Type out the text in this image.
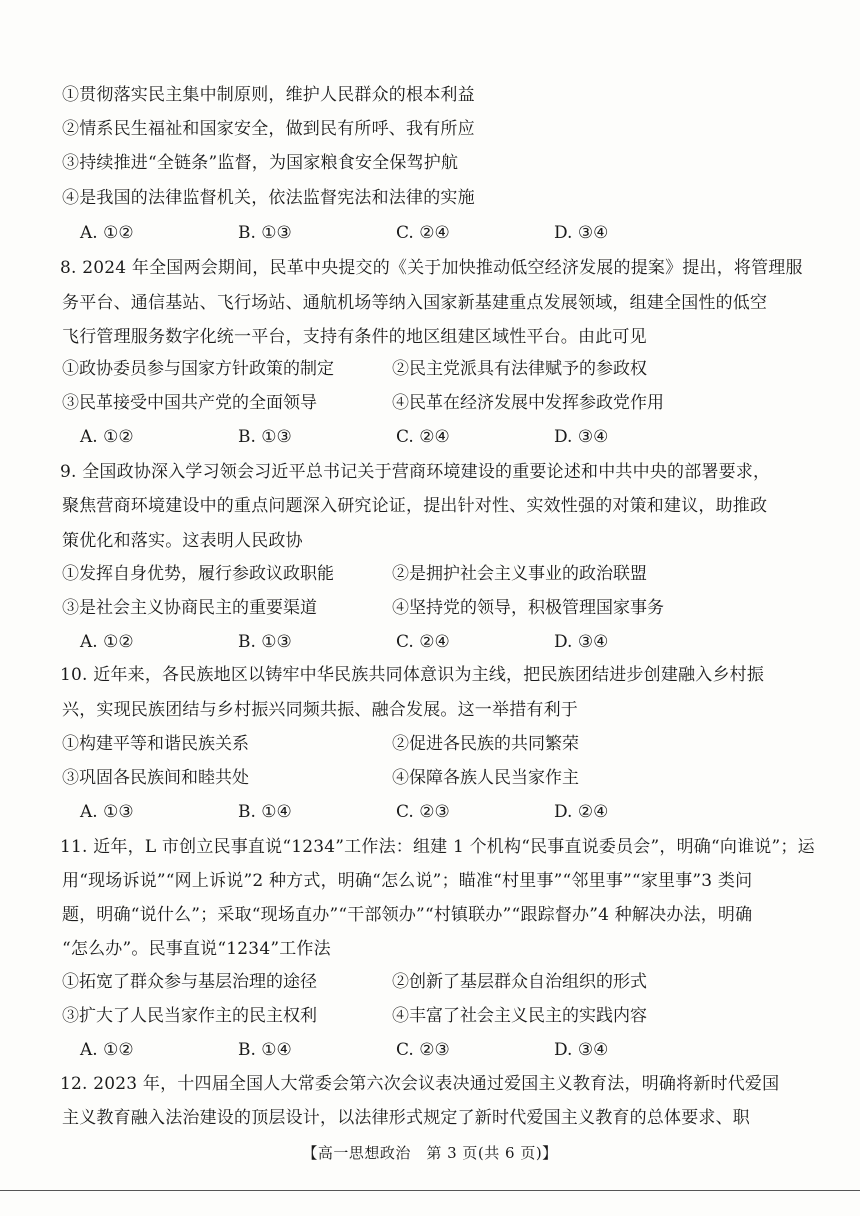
①贯彻落实民主集中制原则，维护人民群众的根本利益
②情系民生福祉和国家安全，做到民有所呼、我有所应
③持续推进“全链条”监督，为国家粮食安全保驾护航
④是我国的法律监督机关，依法监督宪法和法律的实施
A. ①②	B. ①③	C. ②④	D. ③④
8. 2024 年全国两会期间，民革中央提交的《关于加快推动低空经济发展的提案》提出，将管理服
务平台、通信基站、飞行场站、通航机场等纳入国家新基建重点发展领域，组建全国性的低空
飞行管理服务数字化统一平台，支持有条件的地区组建区域性平台。由此可见
①政协委员参与国家方针政策的制定	②民主党派具有法律赋予的参政权
③民革接受中国共产党的全面领导	④民革在经济发展中发挥参政党作用
A. ①②	B. ①③	C. ②④	D. ③④
9. 全国政协深入学习领会习近平总书记关于营商环境建设的重要论述和中共中央的部署要求，
聚焦营商环境建设中的重点问题深入研究论证，提出针对性、实效性强的对策和建议，助推政
策优化和落实。这表明人民政协
①发挥自身优势，履行参政议政职能	②是拥护社会主义事业的政治联盟
③是社会主义协商民主的重要渠道	④坚持党的领导，积极管理国家事务
A. ①②	B. ①③	C. ②④	D. ③④
10. 近年来，各民族地区以铸牢中华民族共同体意识为主线，把民族团结进步创建融入乡村振
兴，实现民族团结与乡村振兴同频共振、融合发展。这一举措有利于
①构建平等和谐民族关系	②促进各民族的共同繁荣
③巩固各民族间和睦共处	④保障各族人民当家作主
A. ①③	B. ①④	C. ②③	D. ②④
11. 近年，L 市创立民事直说“1234”工作法：组建 1 个机构“民事直说委员会”，明确“向谁说”；运
用“现场诉说”“网上诉说”2 种方式，明确“怎么说”；瞄准“村里事”“邻里事”“家里事”3 类问
题，明确“说什么”；采取“现场直办”“干部领办”“村镇联办”“跟踪督办”4 种解决办法，明确
“怎么办”。民事直说“1234”工作法
①拓宽了群众参与基层治理的途径	②创新了基层群众自治组织的形式
③扩大了人民当家作主的民主权利	④丰富了社会主义民主的实践内容
A. ①②	B. ①④	C. ②③	D. ③④
12. 2023 年，十四届全国人大常委会第六次会议表决通过爱国主义教育法，明确将新时代爱国
主义教育融入法治建设的顶层设计，以法律形式规定了新时代爱国主义教育的总体要求、职
【高一思想政治　第 3 页(共 6 页)】
